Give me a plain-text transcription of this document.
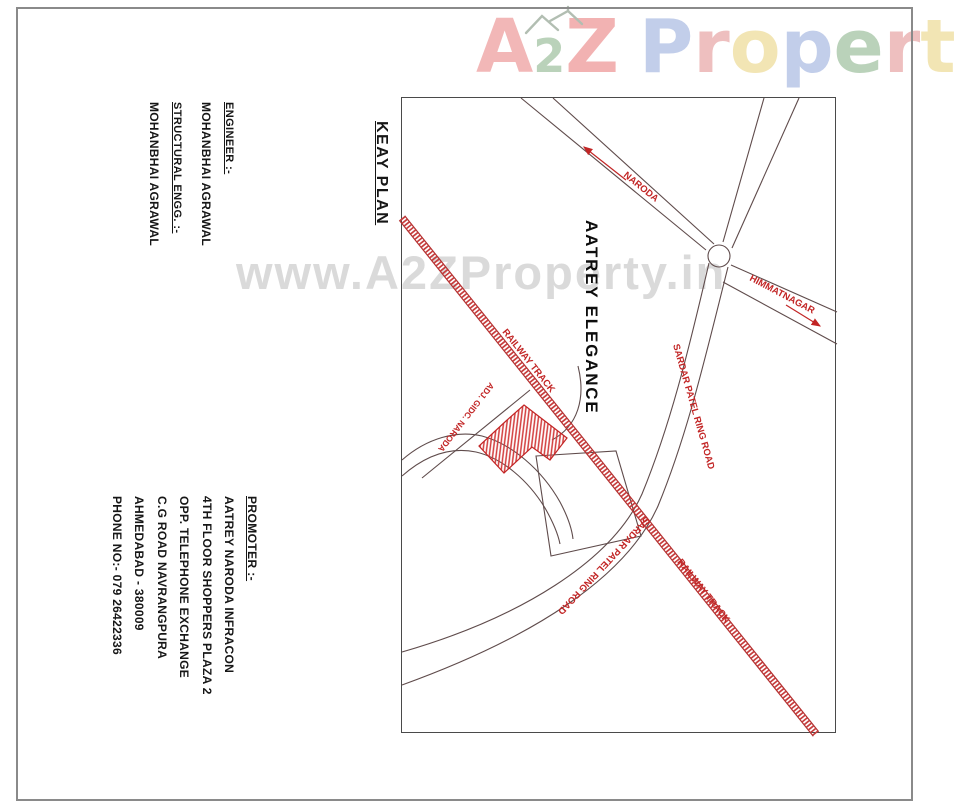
www.A2ZProperty.in
A2Z Propert
KEAY PLAN
ENGINEER :-
MOHANBHAI AGRAWAL
STRUCTURAL ENGG. :-
MOHANBHAI AGRAWAL
PROMOTER :-
AATREY NARODA INFRACON
4TH FLOOR SHOPPERS PLAZA 2
OPP. TELEPHONE EXCHANGE
C.G ROAD NAVRANGPURA
AHMEDABAD - 380009
PHONE NO:- 079 26422336
AATREY ELEGANCE
NARODA
HIMMATNAGAR
SARDAR PATEL RING ROAD
SARDAR PATEL RING ROAD
RAILWAY TRACK
RAILWAY TRACK
ADJ. GIDC. NARODA
